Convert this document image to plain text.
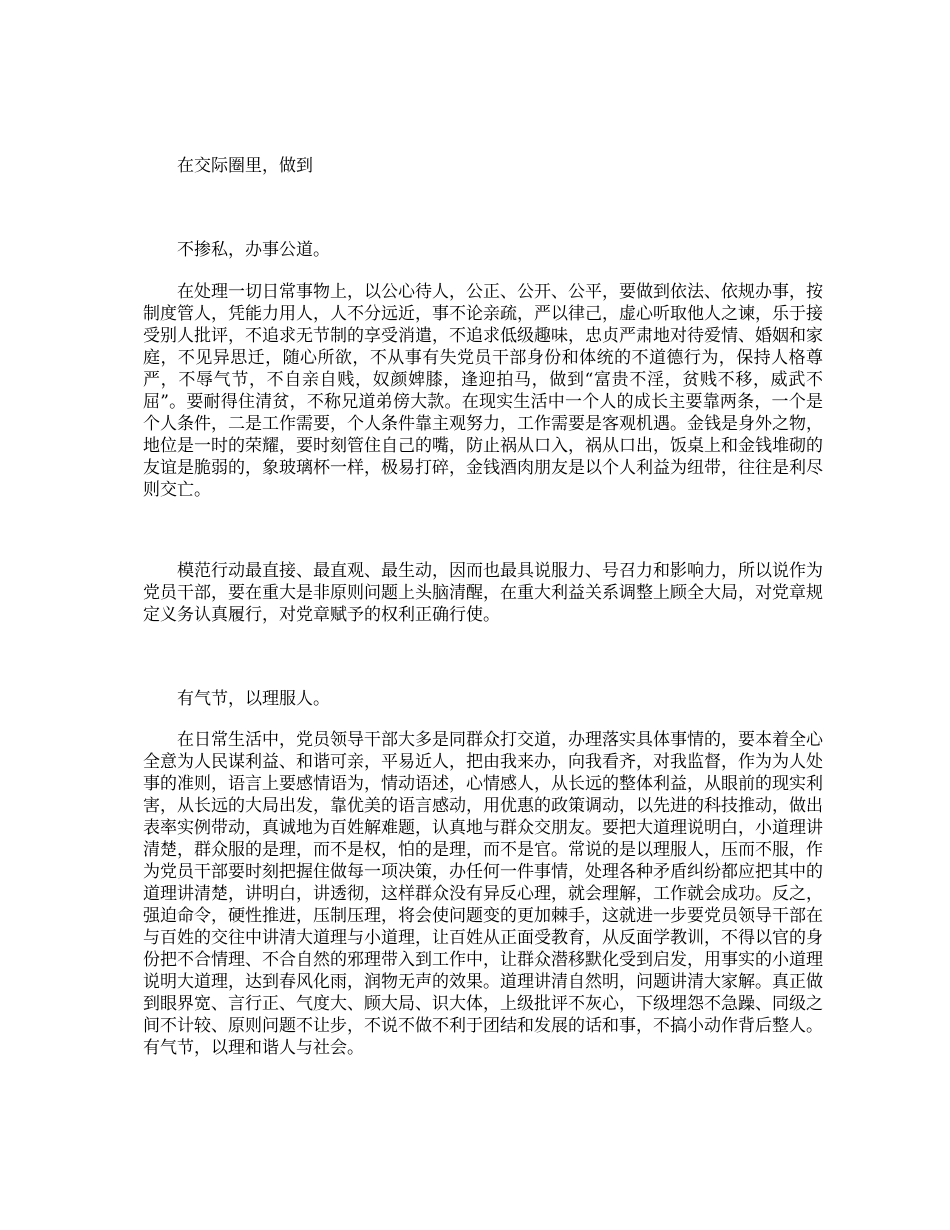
在交际圈里，做到

不掺私，办事公道。

在处理一切日常事物上，以公心待人，公正、公开、公平，要做到依法、依规办事，按制度管人，凭能力用人，人不分远近，事不论亲疏，严以律己，虚心听取他人之谏，乐于接受别人批评，不追求无节制的享受消遣，不追求低级趣味，忠贞严肃地对待爱情、婚姻和家庭，不见异思迁，随心所欲，不从事有失党员干部身份和体统的不道德行为，保持人格尊严，不辱气节，不自亲自贱，奴颜婢膝，逢迎拍马，做到“富贵不淫，贫贱不移，威武不屈”。要耐得住清贫，不称兄道弟傍大款。在现实生活中一个人的成长主要靠两条，一个是个人条件，二是工作需要，个人条件靠主观努力，工作需要是客观机遇。金钱是身外之物，地位是一时的荣耀，要时刻管住自己的嘴，防止祸从口入，祸从口出，饭桌上和金钱堆砌的友谊是脆弱的，象玻璃杯一样，极易打碎，金钱酒肉朋友是以个人利益为纽带，往往是利尽则交亡。

模范行动最直接、最直观、最生动，因而也最具说服力、号召力和影响力，所以说作为党员干部，要在重大是非原则问题上头脑清醒，在重大利益关系调整上顾全大局，对党章规定义务认真履行，对党章赋予的权利正确行使。

有气节，以理服人。

在日常生活中，党员领导干部大多是同群众打交道，办理落实具体事情的，要本着全心全意为人民谋利益、和谐可亲，平易近人，把由我来办，向我看齐，对我监督，作为为人处事的准则，语言上要感情语为，情动语述，心情感人，从长远的整体利益，从眼前的现实利害，从长远的大局出发，靠优美的语言感动，用优惠的政策调动，以先进的科技推动，做出表率实例带动，真诚地为百姓解难题，认真地与群众交朋友。要把大道理说明白，小道理讲清楚，群众服的是理，而不是权，怕的是理，而不是官。常说的是以理服人，压而不服，作为党员干部要时刻把握住做每一项决策，办任何一件事情，处理各种矛盾纠纷都应把其中的道理讲清楚，讲明白，讲透彻，这样群众没有异反心理，就会理解，工作就会成功。反之，强迫命令，硬性推进，压制压理，将会使问题变的更加棘手，这就进一步要党员领导干部在与百姓的交往中讲清大道理与小道理，让百姓从正面受教育，从反面学教训，不得以官的身份把不合情理、不合自然的邪理带入到工作中，让群众潜移默化受到启发，用事实的小道理说明大道理，达到春风化雨，润物无声的效果。道理讲清自然明，问题讲清大家解。真正做到眼界宽、言行正、气度大、顾大局、识大体，上级批评不灰心，下级埋怨不急躁、同级之间不计较、原则问题不让步，不说不做不利于团结和发展的话和事，不搞小动作背后整人。有气节，以理和谐人与社会。
